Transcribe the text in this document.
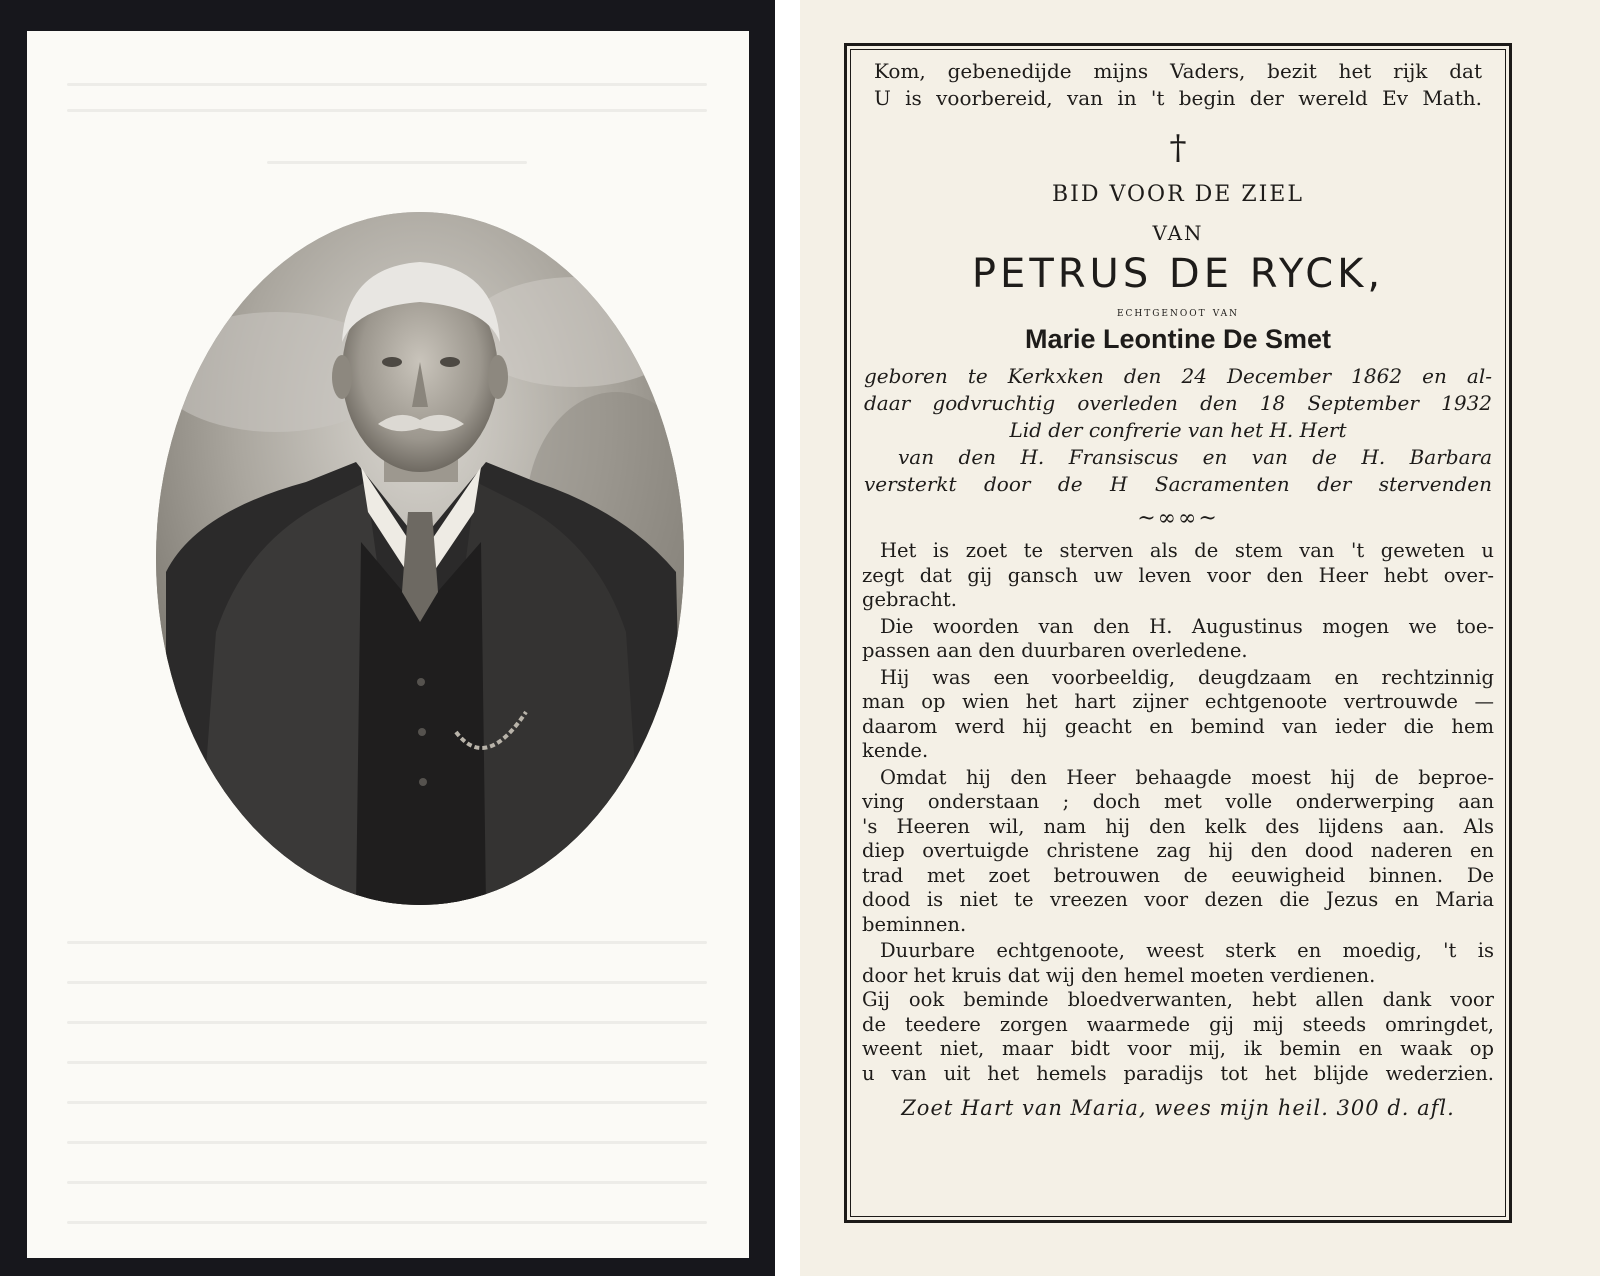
Kom, gebenedijde mijns Vaders, bezit het rijk dat
U is voorbereid, van in 't begin der wereld Ev Math.
†
BID VOOR DE ZIEL
VAN
PETRUS DE RYCK,
echtgenoot van
Marie Leontine De Smet
geboren te Kerkxken den 24 December 1862 en al-
daar godvruchtig overleden den 18 September 1932
Lid der confrerie van het H. Hert
van den H. Fransiscus en van de H. Barbara
versterkt door de H Sacramenten der stervenden
~∞∞~
Het is zoet te sterven als de stem van 't geweten u
zegt dat gij gansch uw leven voor den Heer hebt over-
gebracht.
Die woorden van den H. Augustinus mogen we toe-
passen aan den duurbaren overledene.
Hij was een voorbeeldig, deugdzaam en rechtzinnig
man op wien het hart zijner echtgenoote vertrouwde —
daarom werd hij geacht en bemind van ieder die hem
kende.
Omdat hij den Heer behaagde moest hij de beproe-
ving onderstaan ; doch met volle onderwerping aan
's Heeren wil, nam hij den kelk des lijdens aan. Als
diep overtuigde christene zag hij den dood naderen en
trad met zoet betrouwen de eeuwigheid binnen. De
dood is niet te vreezen voor dezen die Jezus en Maria
beminnen.
Duurbare echtgenoote, weest sterk en moedig, 't is
door het kruis dat wij den hemel moeten verdienen.
Gij ook beminde bloedverwanten, hebt allen dank voor
de teedere zorgen waarmede gij mij steeds omringdet,
weent niet, maar bidt voor mij, ik bemin en waak op
u van uit het hemels paradijs tot het blijde wederzien.
Zoet Hart van Maria, wees mijn heil. 300 d. afl.
